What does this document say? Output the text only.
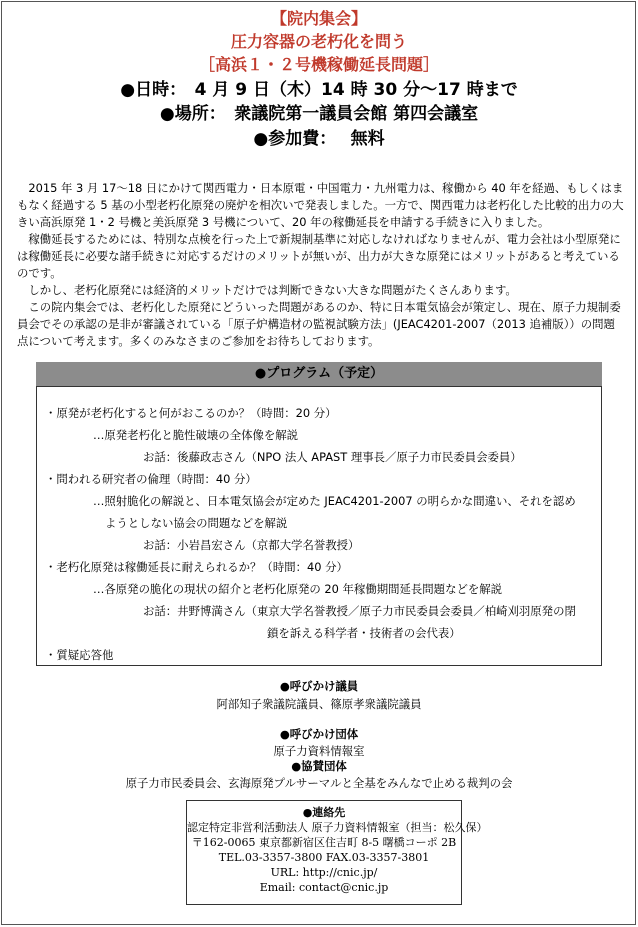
【院内集会】
圧力容器の老朽化を問う
［高浜１・２号機稼働延長問題］
●日時：　4 月 9 日（木）14 時 30 分～17 時まで
●場所：　衆議院第一議員会館 第四会議室
●参加費：　 無料

2015 年 3 月 17～18 日にかけて関西電力・日本原電・中国電力・九州電力は、稼働から 40 年を経過、もしくはまもなく経過する 5 基の小型老朽化原発の廃炉を相次いで発表しました。一方で、関西電力は老朽化した比較的出力の大きい高浜原発 1・2 号機と美浜原発 3 号機について、20 年の稼働延長を申請する手続きに入りました。

稼働延長するためには、特別な点検を行った上で新規制基準に対応しなければなりませんが、電力会社は小型原発には稼働延長に必要な諸手続きに対応するだけのメリットが無いが、出力が大きな原発にはメリットがあると考えているのです。

しかし、老朽化原発には経済的メリットだけでは判断できない大きな問題がたくさんあります。

この院内集会では、老朽化した原発にどういった問題があるのか、特に日本電気協会が策定し、現在、原子力規制委員会でその承認の是非が審議されている「原子炉構造材の監視試験方法」(JEAC4201-2007（2013 追補版））の問題点について考えます。多くのみなさまのご参加をお待ちしております。

●プログラム（予定）
・原発が老朽化すると何がおこるのか？（時間：20 分）
…原発老朽化と脆性破壊の全体像を解説
お話：後藤政志さん（NPO 法人 APAST 理事長／原子力市民委員会委員）
・問われる研究者の倫理（時間：40 分）
…照射脆化の解説と、日本電気協会が定めた JEAC4201-2007 の明らかな間違い、それを認め
ようとしない協会の問題などを解説
お話：小岩昌宏さん（京都大学名誉教授）
・老朽化原発は稼働延長に耐えられるか？（時間：40 分）
…各原発の脆化の現状の紹介と老朽化原発の 20 年稼働期間延長問題などを解説
お話：井野博満さん（東京大学名誉教授／原子力市民委員会委員／柏崎刈羽原発の閉
鎖を訴える科学者・技術者の会代表）
・質疑応答他
●呼びかけ議員
阿部知子衆議院議員、篠原孝衆議院議員
●呼びかけ団体
原子力資料情報室
●協賛団体
原子力市民委員会、玄海原発プルサーマルと全基をみんなで止める裁判の会
●連絡先
認定特定非営利活動法人 原子力資料情報室（担当：松久保）
〒162-0065 東京都新宿区住吉町 8-5 曙橋コーポ 2B
TEL.03-3357-3800 FAX.03-3357-3801
URL: http://cnic.jp/
Email: contact@cnic.jp
